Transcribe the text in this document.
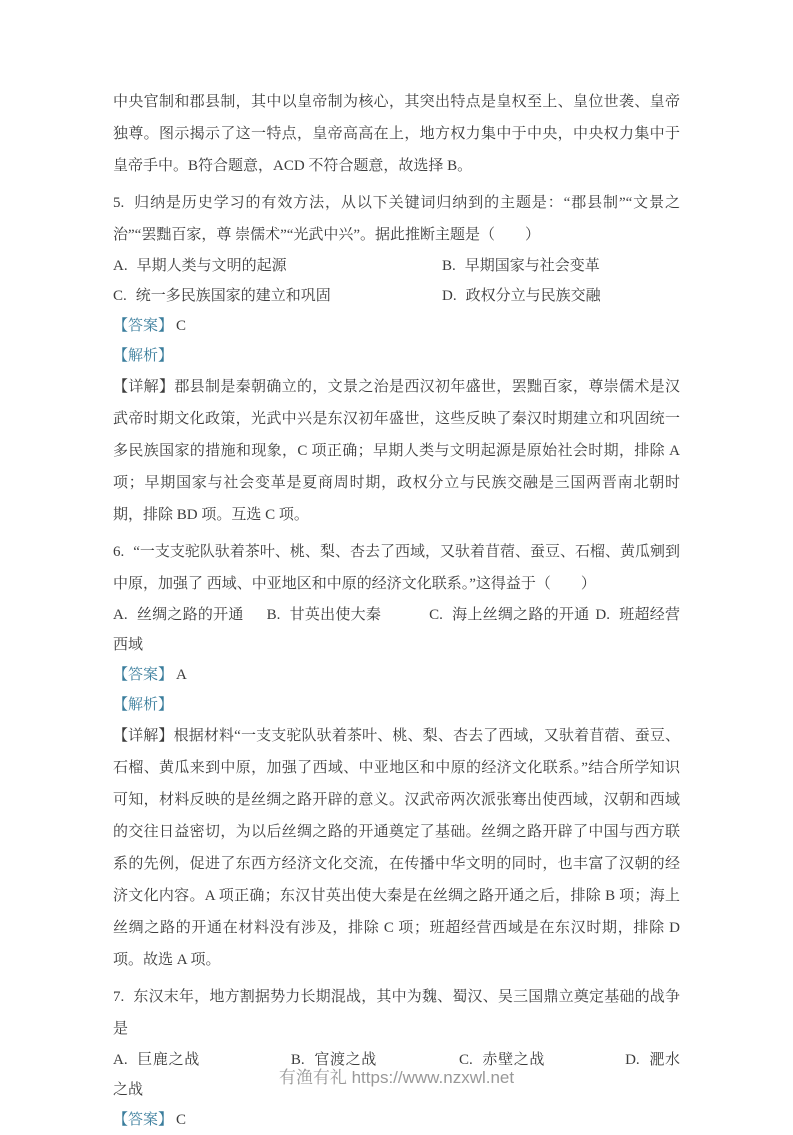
中央官制和郡县制，其中以皇帝制为核心，其突出特点是皇权至上、皇位世袭、皇帝独尊。图示揭示了这一特点，皇帝高高在上，地方权力集中于中央，中央权力集中于皇帝手中。B符合题意，ACD 不符合题意，故选择 B。

5. 归纳是历史学习的有效方法，从以下关键词归纳到的主题是：“郡县制”“文景之治”“罢黜百家，尊 崇儒术”“光武中兴”。据此推断主题是（　　）

A. 早期人类与文明的起源	B. 早期国家与社会变革
C. 统一多民族国家的建立和巩固	D. 政权分立与民族交融
【答案】 C
【解析】

【详解】郡县制是秦朝确立的，文景之治是西汉初年盛世，罢黜百家，尊崇儒术是汉武帝时期文化政策，光武中兴是东汉初年盛世，这些反映了秦汉时期建立和巩固统一多民族国家的措施和现象，C 项正确；早期人类与文明起源是原始社会时期，排除 A 项；早期国家与社会变革是夏商周时期，政权分立与民族交融是三国两晋南北朝时期，排除 BD 项。互选 C 项。

6. “一支支驼队驮着茶叶、桃、梨、杏去了西域，又驮着苜蓿、蚕豆、石榴、黄瓜剜到中原，加强了 西域、中亚地区和中原的经济文化联系。”这得益于（　　）

A. 丝绸之路的开通 B. 甘英出使大秦	C. 海上丝绸之路的开通 D. 班超经营西域

【答案】 A
【解析】

【详解】根据材料“一支支驼队驮着茶叶、桃、梨、杏去了西域，又驮着苜蓿、蚕豆、石榴、黄瓜来到中原，加强了西域、中亚地区和中原的经济文化联系。”结合所学知识可知，材料反映的是丝绸之路开辟的意义。汉武帝两次派张骞出使西域，汉朝和西域的交往日益密切，为以后丝绸之路的开通奠定了基础。丝绸之路开辟了中国与西方联系的先例，促进了东西方经济文化交流，在传播中华文明的同时，也丰富了汉朝的经济文化内容。A 项正确；东汉甘英出使大秦是在丝绸之路开通之后，排除 B 项；海上丝绸之路的开通在材料没有涉及，排除 C 项；班超经营西域是在东汉时期，排除 D 项。故选 A 项。

7. 东汉末年，地方割据势力长期混战，其中为魏、蜀汉、吴三国鼎立奠定基础的战争是

A. 巨鹿之战	B. 官渡之战	C. 赤壁之战	D. 淝水之战

【答案】 C
有渔有礼 https://www.nzxwl.net
